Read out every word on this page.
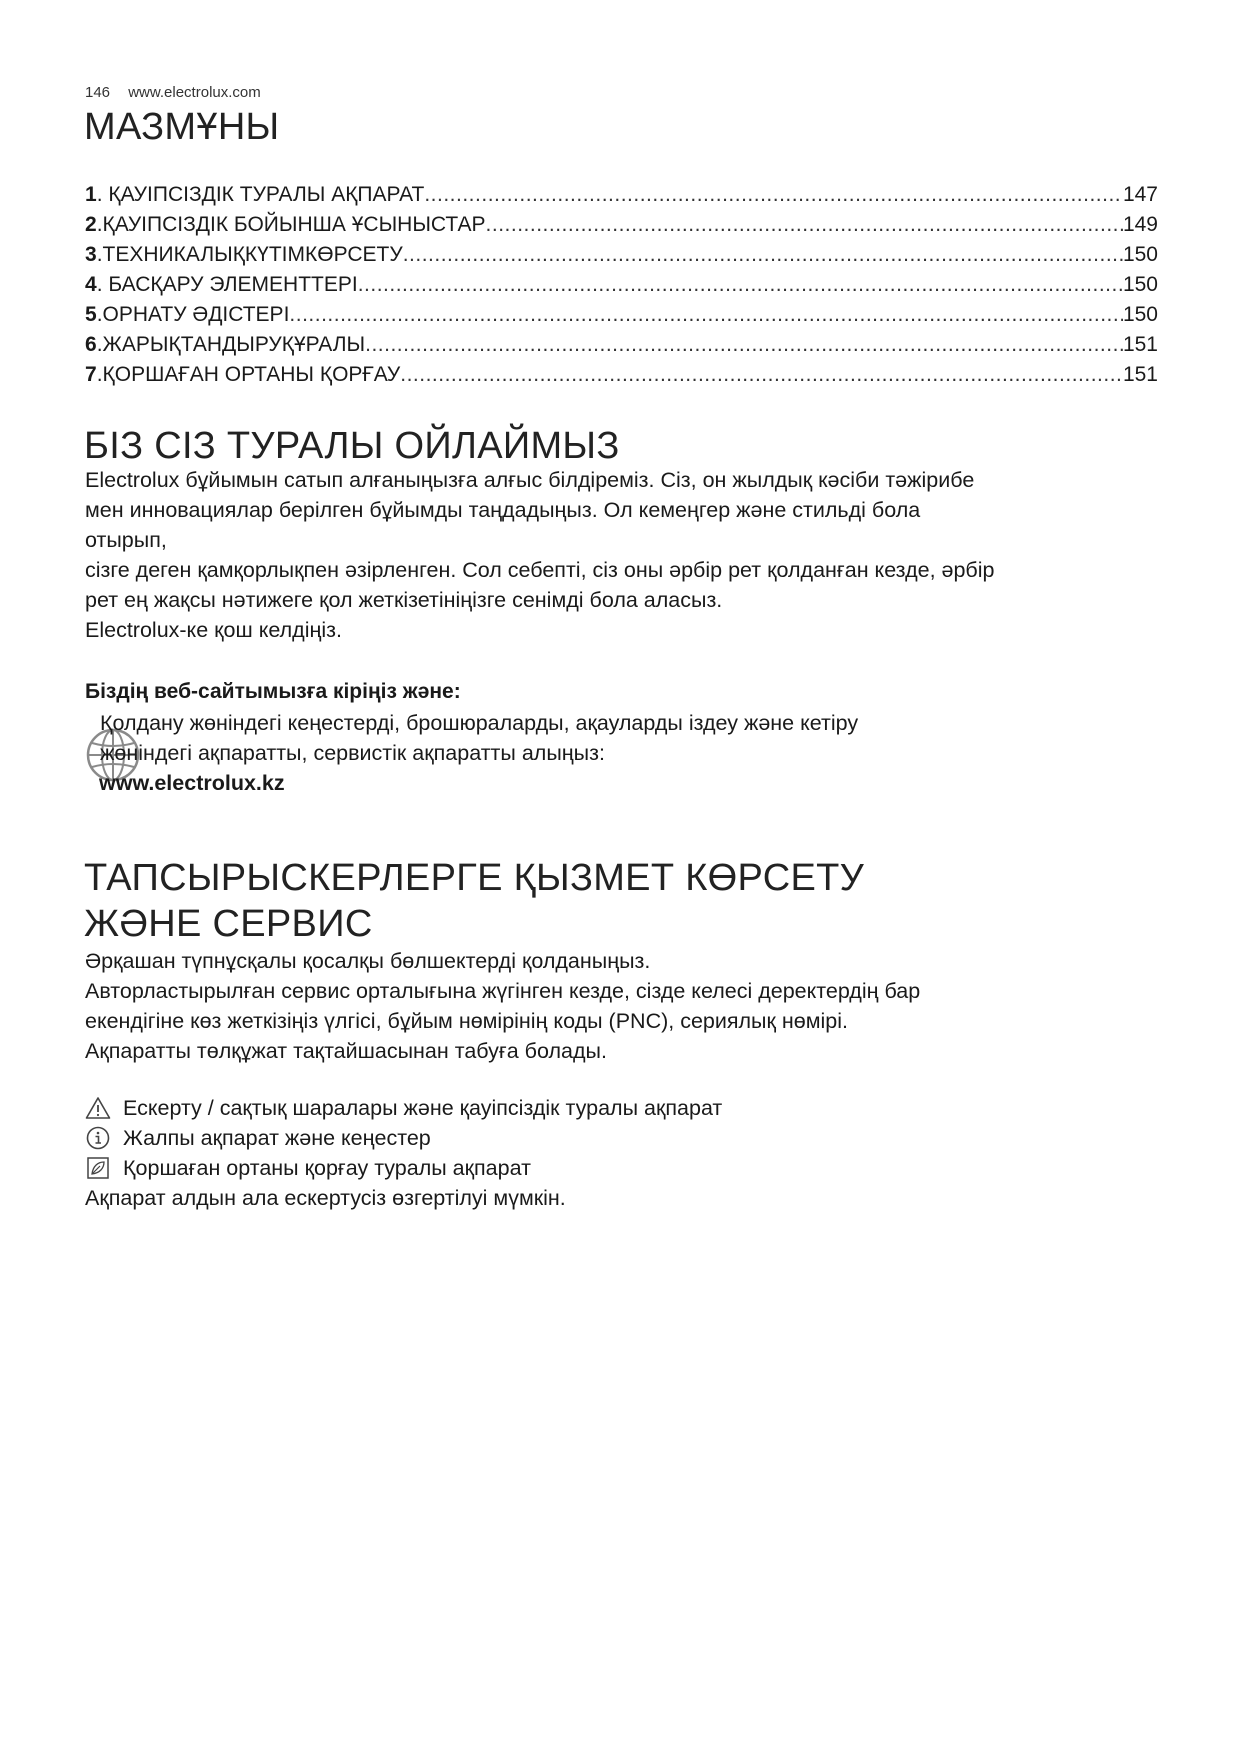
146 www.electrolux.com
МАЗМҰНЫ
1 . ҚАУІПСІЗДІК ТУРАЛЫ АҚПАРАТ .....	147
2 .ҚАУІПСІЗДІК БОЙЫНША ҰСЫНЫСТАР .....	149
3 .ТЕХНИКАЛЫҚКҮТІМКӨРСЕТУ .....	150
4 . БАСҚАРУ ЭЛЕМЕНТТЕРІ .....	150
5 .ОРНАТУ ӘДІСТЕРІ .....	150
6 .ЖАРЫҚТАНДЫРУҚҰРАЛЫ .....	151
7 .ҚОРШАҒАН ОРТАНЫ ҚОРҒАУ .....	151
БІЗ СІЗ ТУРАЛЫ ОЙЛАЙМЫЗ
Electrolux бұйымын сатып алғаныңызға алғыс білдіреміз. Сіз, он жылдық кәсіби тәжірибе
мен инновациялар берілген бұйымды таңдадыңыз. Ол кемеңгер және стильді бола
отырып,
сізге деген қамқорлықпен әзірленген. Сол себепті, сіз оны әрбір рет қолданған кезде, әрбір
рет ең жақсы нәтижеге қол жеткізетініңізге сенімді бола аласыз.
Electrolux-ке қош келдіңіз.
Біздің веб-сайтымызға кіріңіз және:
Қолдану жөніндегі кеңестерді, брошюраларды, ақауларды іздеу және кетіру
жөніндегі ақпаратты, сервистік ақпаратты алыңыз:
www.electrolux.kz
ТАПСЫРЫСКЕРЛЕРГЕ ҚЫЗМЕТ КӨРСЕТУ
ЖӘНЕ СЕРВИС
Әрқашан түпнұсқалы қосалқы бөлшектерді қолданыңыз.
Авторластырылған сервис орталығына жүгінген кезде, сізде келесі деректердің бар
екендігіне көз жеткізіңіз үлгісі, бұйым нөмірінің коды (PNC), сериялық нөмірі.
Ақпаратты төлқұжат тақтайшасынан табуға болады.
Ескерту / сақтық шаралары және қауіпсіздік туралы ақпарат
Жалпы ақпарат және кеңестер
Қоршаған ортаны қорғау туралы ақпарат
Ақпарат алдын ала ескертусіз өзгертілуі мүмкін.
